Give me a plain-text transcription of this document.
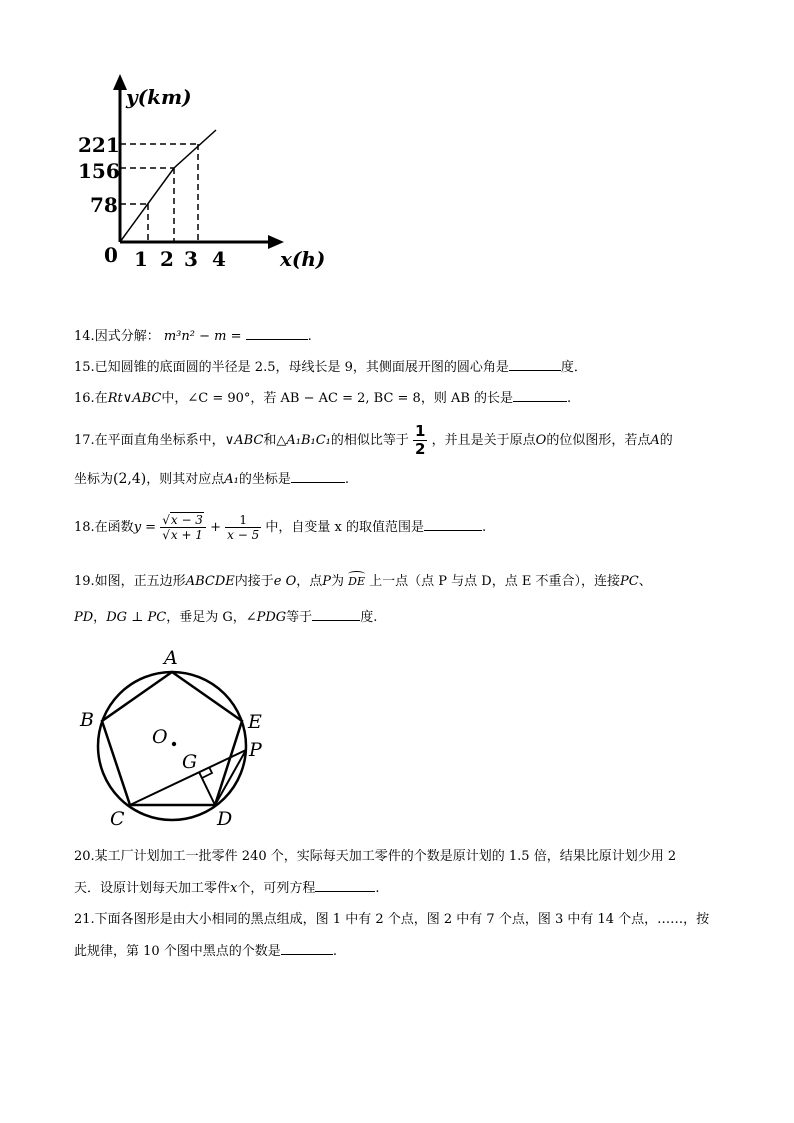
y(km)
x(h)
0
221
156
78
1 2 3 4
14.因式分解： m³n² − m =	.
15.已知圆锥的底面圆的半径是 2.5，母线长是 9，其侧面展开图的圆心角是	度．
16.在Rt∨ABC中，∠C = 90°，若 AB − AC = 2, BC = 8，则 AB 的长是	.
17.在平面直角坐标系中，∨ABC和△A₁B₁C₁的相似比等于 $\frac{1}{2}$ ，并且是关于原点O的位似图形，若点A的
坐标为(2,4)，则其对应点A₁的坐标是	.
18.在函数$y = \frac{√x - 3}{√x + 1} + \frac{1}{x - 5}$ 中，自变量 x 的取值范围是	.
19.如图，正五边形ABCDE内接于e O，点P为 DE 上一点（点 P 与点 D，点 E 不重合），连接PC、
PD，DG ⊥ PC，垂足为 G，∠PDG等于	度.
A
B
C	D
E
O
G
P
20.某工厂计划加工一批零件 240 个，实际每天加工零件的个数是原计划的 1.5 倍，结果比原计划少用 2
天．设原计划每天加工零件x个，可列方程	.
21.下面各图形是由大小相同的黑点组成，图 1 中有 2 个点，图 2 中有 7 个点，图 3 中有 14 个点，……，按
此规律，第 10 个图中黑点的个数是	.
